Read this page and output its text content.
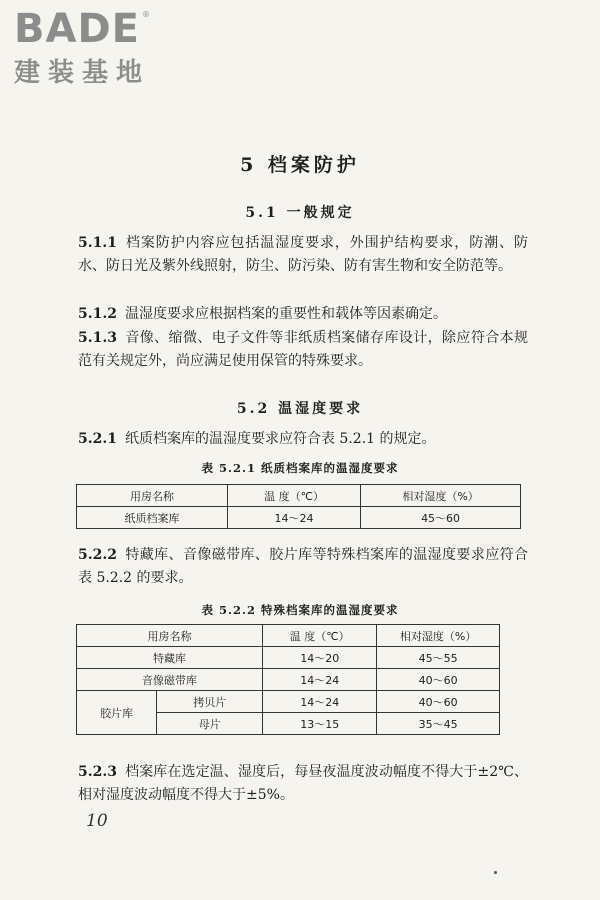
BADE ®
建装基地
5 档案防护
5.1 一般规定
5.1.1 档案防护内容应包括温湿度要求，外围护结构要求，防潮、防水、防日光及紫外线照射，防尘、防污染、防有害生物和安全防范等。
5.1.2 温湿度要求应根据档案的重要性和载体等因素确定。
5.1.3 音像、缩微、电子文件等非纸质档案储存库设计，除应符合本规范有关规定外，尚应满足使用保管的特殊要求。
5.2 温湿度要求
5.2.1 纸质档案库的温湿度要求应符合表 5.2.1 的规定。
表 5.2.1 纸质档案库的温湿度要求
用房名称	温 度（℃）	相对湿度（%）
纸质档案库	14～24	45～60
5.2.2 特藏库、音像磁带库、胶片库等特殊档案库的温湿度要求应符合表 5.2.2 的要求。
表 5.2.2 特殊档案库的温湿度要求
用房名称		温 度（℃）	相对湿度（%）
特藏库		14～20	45～55
音像磁带库		14～24	40～60
胶片库	拷贝片	14～24	40～60
	母片	13～15	35～45
5.2.3 档案库在选定温、湿度后，每昼夜温度波动幅度不得大于±2℃、相对湿度波动幅度不得大于±5%。
10
